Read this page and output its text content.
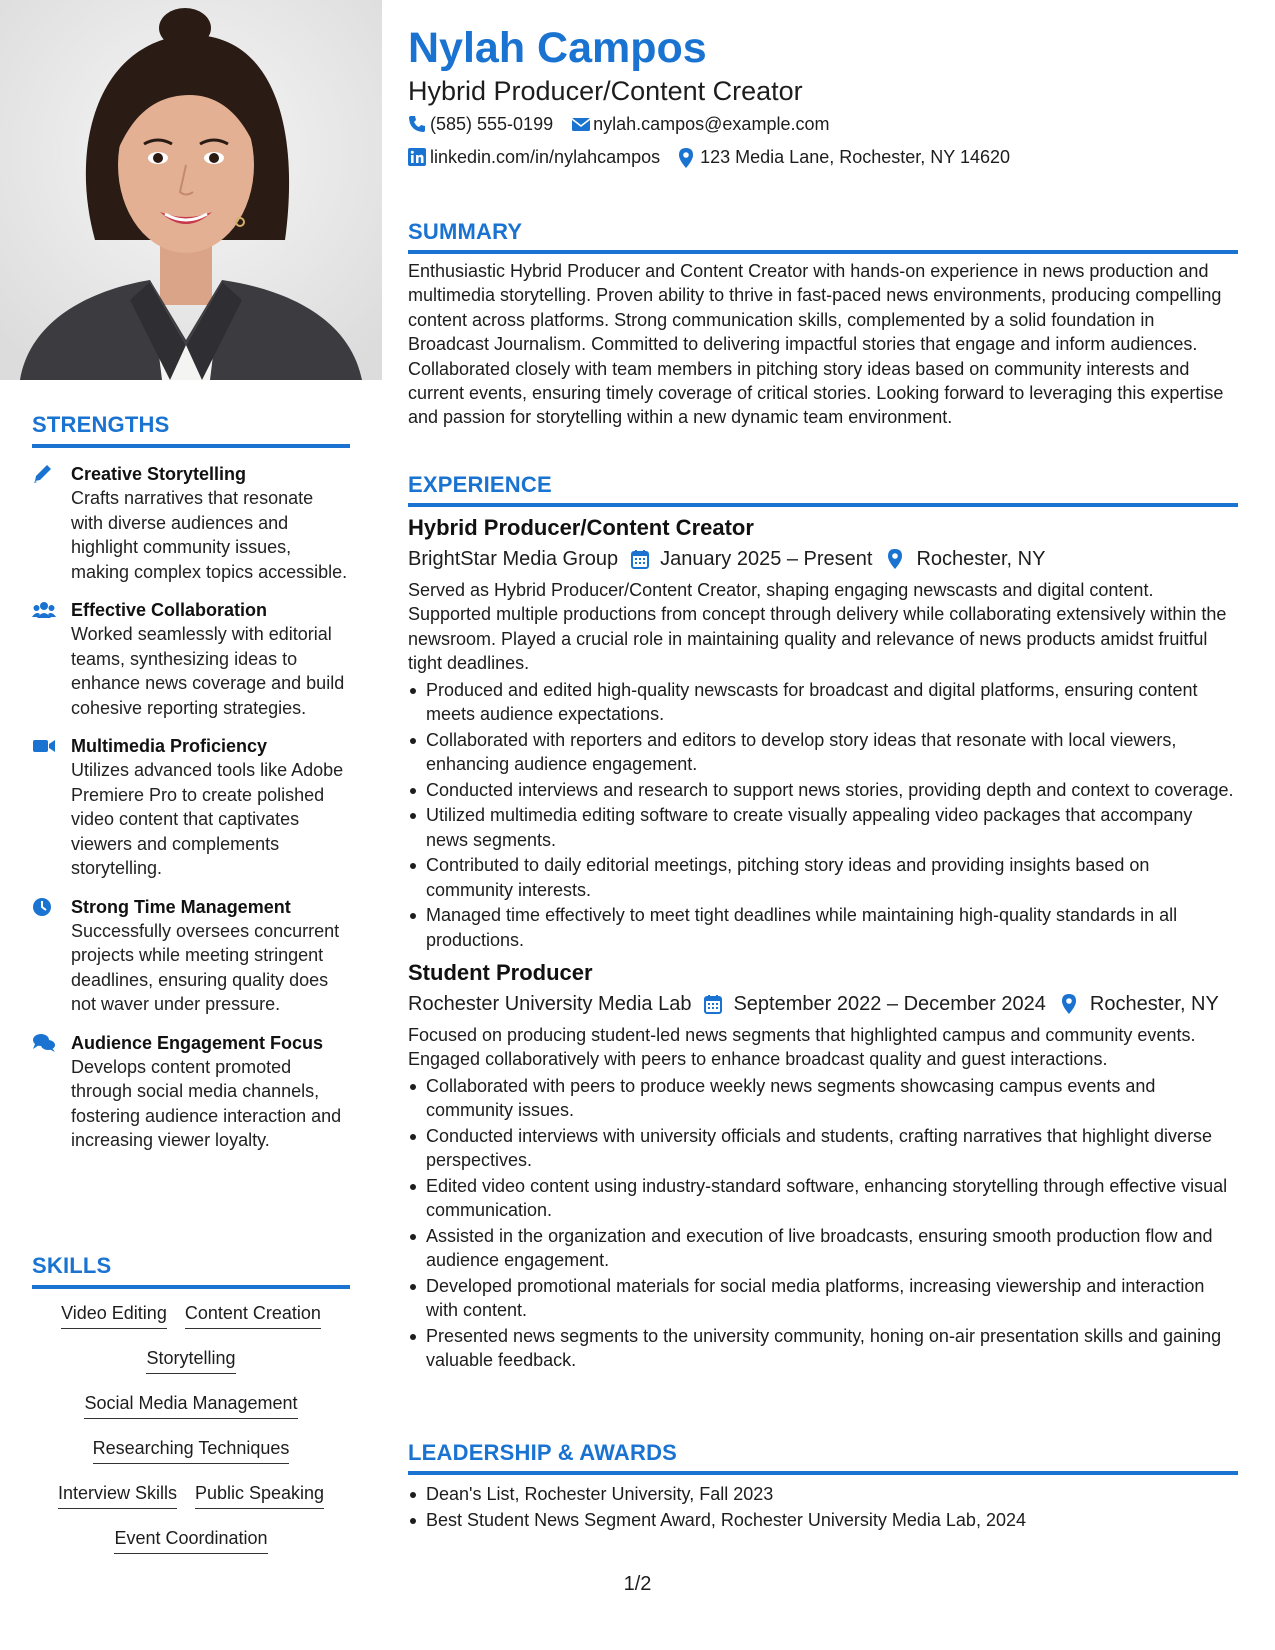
STRENGTHS
Creative Storytelling
Crafts narratives that resonate with diverse audiences and highlight community issues, making complex topics accessible.
Effective Collaboration
Worked seamlessly with editorial teams, synthesizing ideas to enhance news coverage and build cohesive reporting strategies.
Multimedia Proficiency
Utilizes advanced tools like Adobe Premiere Pro to create polished video content that captivates viewers and complements storytelling.
Strong Time Management
Successfully oversees concurrent projects while meeting stringent deadlines, ensuring quality does not waver under pressure.
Audience Engagement Focus
Develops content promoted through social media channels, fostering audience interaction and increasing viewer loyalty.
SKILLS
Video Editing Content Creation
Storytelling
Social Media Management
Researching Techniques
Interview Skills Public Speaking
Event Coordination
Nylah Campos
Hybrid Producer/Content Creator
(585) 555-0199 nylah.campos@example.com
linkedin.com/in/nylahcampos 123 Media Lane, Rochester, NY 14620
SUMMARY
Enthusiastic Hybrid Producer and Content Creator with hands-on experience in news production and multimedia storytelling. Proven ability to thrive in fast-paced news environments, producing compelling content across platforms. Strong communication skills, complemented by a solid foundation in Broadcast Journalism. Committed to delivering impactful stories that engage and inform audiences. Collaborated closely with team members in pitching story ideas based on community interests and current events, ensuring timely coverage of critical stories. Looking forward to leveraging this expertise and passion for storytelling within a new dynamic team environment.
EXPERIENCE
Hybrid Producer/Content Creator
BrightStar Media Group January 2025 – Present Rochester, NY
Served as Hybrid Producer/Content Creator, shaping engaging newscasts and digital content. Supported multiple productions from concept through delivery while collaborating extensively within the newsroom. Played a crucial role in maintaining quality and relevance of news products amidst fruitful tight deadlines.
Produced and edited high-quality newscasts for broadcast and digital platforms, ensuring content meets audience expectations.
Collaborated with reporters and editors to develop story ideas that resonate with local viewers, enhancing audience engagement.
Conducted interviews and research to support news stories, providing depth and context to coverage.
Utilized multimedia editing software to create visually appealing video packages that accompany news segments.
Contributed to daily editorial meetings, pitching story ideas and providing insights based on community interests.
Managed time effectively to meet tight deadlines while maintaining high-quality standards in all productions.
Student Producer
Rochester University Media Lab September 2022 – December 2024 Rochester, NY
Focused on producing student-led news segments that highlighted campus and community events. Engaged collaboratively with peers to enhance broadcast quality and guest interactions.
Collaborated with peers to produce weekly news segments showcasing campus events and community issues.
Conducted interviews with university officials and students, crafting narratives that highlight diverse perspectives.
Edited video content using industry-standard software, enhancing storytelling through effective visual communication.
Assisted in the organization and execution of live broadcasts, ensuring smooth production flow and audience engagement.
Developed promotional materials for social media platforms, increasing viewership and interaction with content.
Presented news segments to the university community, honing on-air presentation skills and gaining valuable feedback.
LEADERSHIP & AWARDS
Dean's List, Rochester University, Fall 2023
Best Student News Segment Award, Rochester University Media Lab, 2024
1/2
